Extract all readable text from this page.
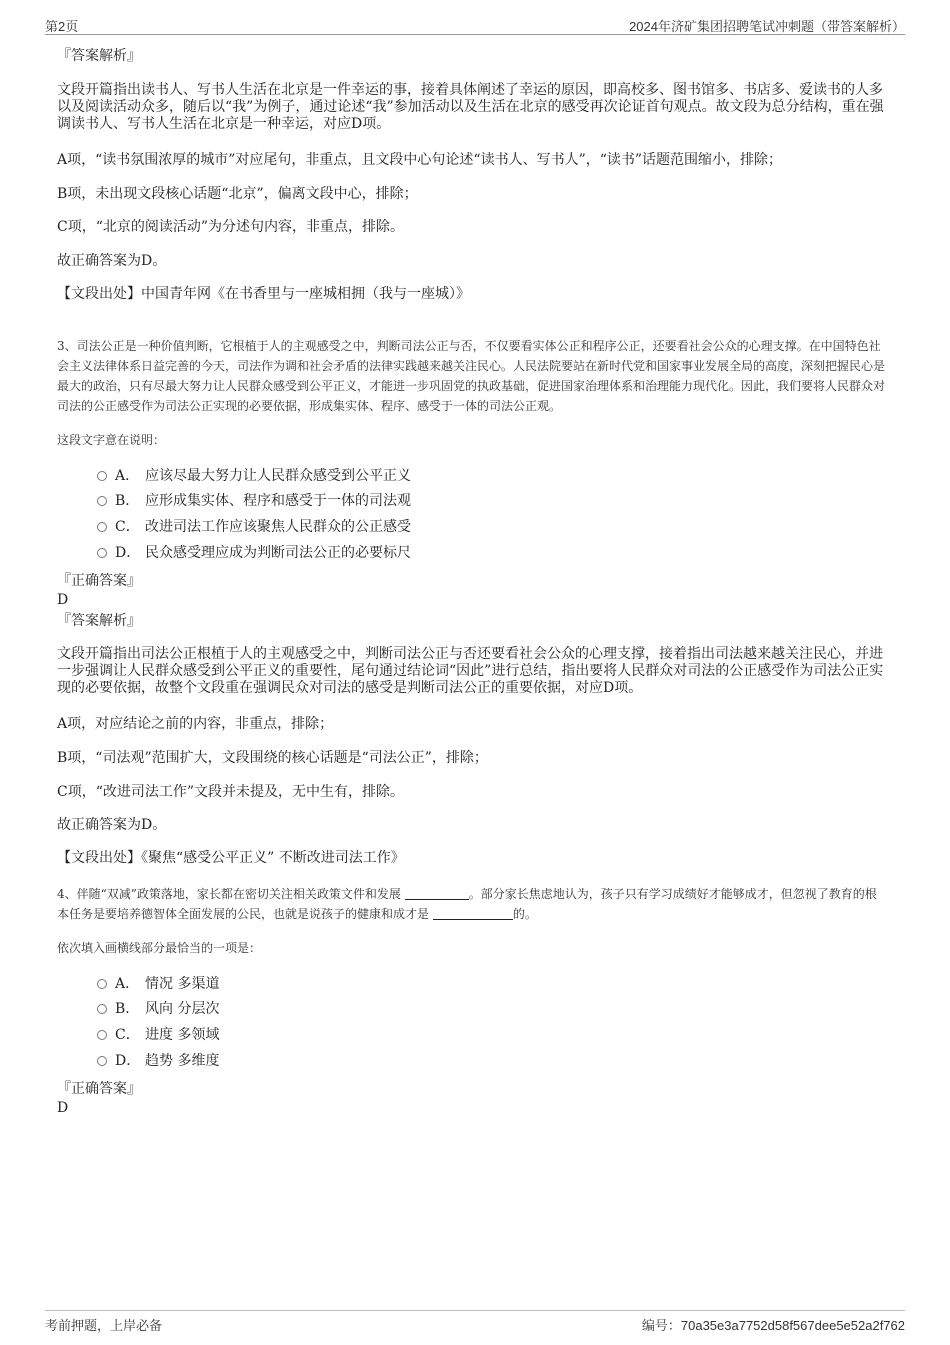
第2页	2024年济矿集团招聘笔试冲刺题（带答案解析）
『答案解析』
文段开篇指出读书人、写书人生活在北京是一件幸运的事，接着具体阐述了幸运的原因，即高校多、图书馆多、书店多、爱读书的人多以及阅读活动众多，随后以“我”为例子，通过论述“我”参加活动以及生活在北京的感受再次论证首句观点。故文段为总分结构，重在强调读书人、写书人生活在北京是一种幸运，对应D项。
A项，“读书氛围浓厚的城市”对应尾句，非重点，且文段中心句论述“读书人、写书人”，“读书”话题范围缩小，排除；
B项，未出现文段核心话题“北京”，偏离文段中心，排除；
C项，“北京的阅读活动”为分述句内容，非重点，排除。
故正确答案为D。
【文段出处】中国青年网《在书香里与一座城相拥（我与一座城）》
3、司法公正是一种价值判断，它根植于人的主观感受之中，判断司法公正与否，不仅要看实体公正和程序公正，还要看社会公众的心理支撑。在中国特色社会主义法律体系日益完善的今天，司法作为调和社会矛盾的法律实践越来越关注民心。人民法院要站在新时代党和国家事业发展全局的高度，深刻把握民心是最大的政治，只有尽最大努力让人民群众感受到公平正义，才能进一步巩固党的执政基础，促进国家治理体系和治理能力现代化。因此，我们要将人民群众对司法的公正感受作为司法公正实现的必要依据，形成集实体、程序、感受于一体的司法公正观。
这段文字意在说明：
A． 应该尽最大努力让人民群众感受到公平正义
B． 应形成集实体、程序和感受于一体的司法观
C． 改进司法工作应该聚焦人民群众的公正感受
D． 民众感受理应成为判断司法公正的必要标尺
『正确答案』
D
『答案解析』
文段开篇指出司法公正根植于人的主观感受之中，判断司法公正与否还要看社会公众的心理支撑，接着指出司法越来越关注民心，并进一步强调让人民群众感受到公平正义的重要性，尾句通过结论词“因此”进行总结，指出要将人民群众对司法的公正感受作为司法公正实现的必要依据，故整个文段重在强调民众对司法的感受是判断司法公正的重要依据，对应D项。
A项，对应结论之前的内容，非重点，排除；
B项，“司法观”范围扩大，文段围绕的核心话题是“司法公正”，排除；
C项，“改进司法工作”文段并未提及，无中生有，排除。
故正确答案为D。
【文段出处】《聚焦“感受公平正义” 不断改进司法工作》
4、伴随“双减”政策落地，家长都在密切关注相关政策文件和发展	。部分家长焦虑地认为，孩子只有学习成绩好才能够成才，但忽视了教育的根本任务是要培养德智体全面发展的公民，也就是说孩子的健康和成才是	的。
依次填入画横线部分最恰当的一项是：
A． 情况 多渠道
B． 风向 分层次
C． 进度 多领域
D． 趋势 多维度
『正确答案』
D
考前押题，上岸必备	编号：70a35e3a7752d58f567dee5e52a2f762
